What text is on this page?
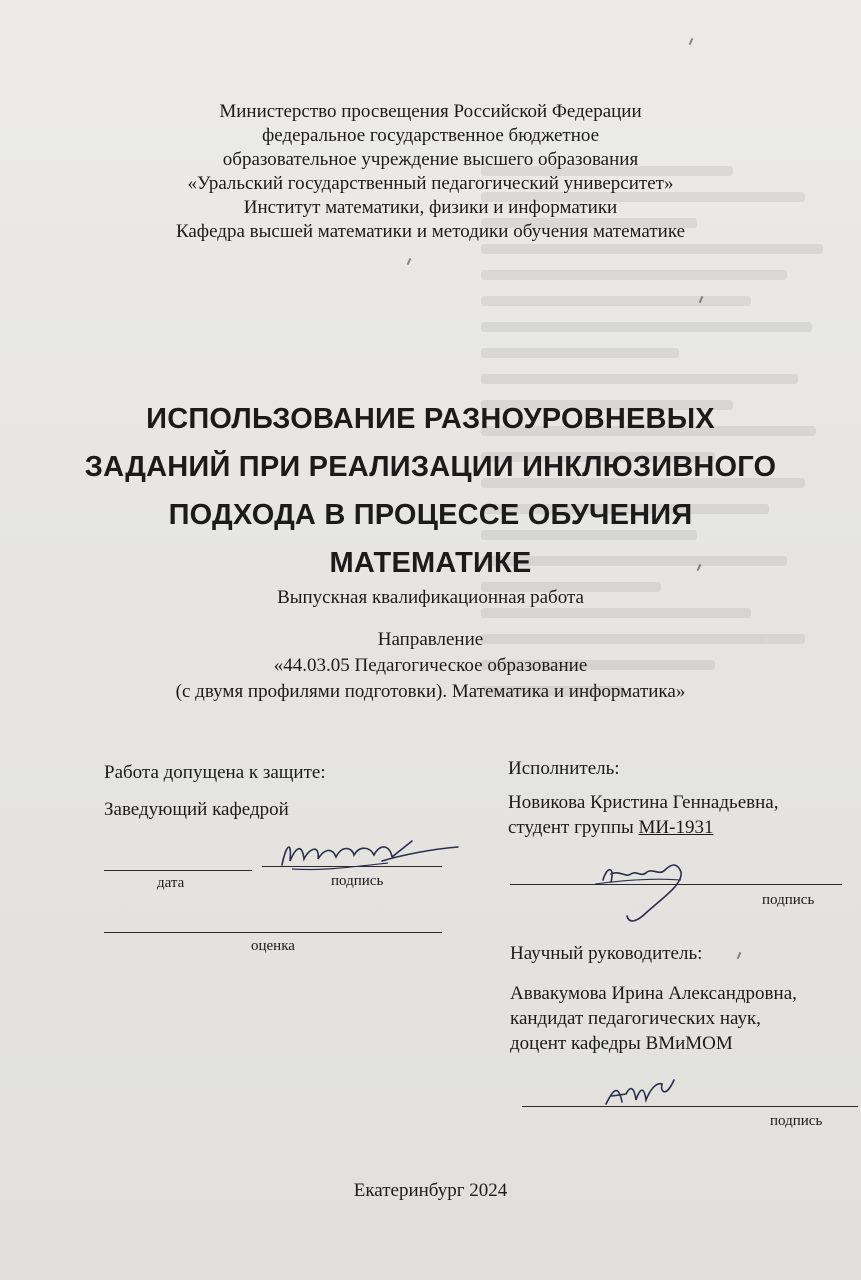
Министерство просвещения Российской Федерации
федеральное государственное бюджетное
образовательное учреждение высшего образования
«Уральский государственный педагогический университет»
Институт математики, физики и информатики
Кафедра высшей математики и методики обучения математике
ИСПОЛЬЗОВАНИЕ РАЗНОУРОВНЕВЫХ
ЗАДАНИЙ ПРИ РЕАЛИЗАЦИИ ИНКЛЮЗИВНОГО
ПОДХОДА В ПРОЦЕССЕ ОБУЧЕНИЯ
МАТЕМАТИКЕ
Выпускная квалификационная работа
Направление
«44.03.05 Педагогическое образование
(с двумя профилями подготовки). Математика и информатика»
Работа допущена к защите:
Заведующий кафедрой
дата	подпись
оценка
Исполнитель:
Новикова Кристина Геннадьевна,
студент группы МИ-1931
подпись
Научный руководитель:
Аввакумова Ирина Александровна,
кандидат педагогических наук,
доцент кафедры ВМиМОМ
подпись
Екатеринбург 2024
